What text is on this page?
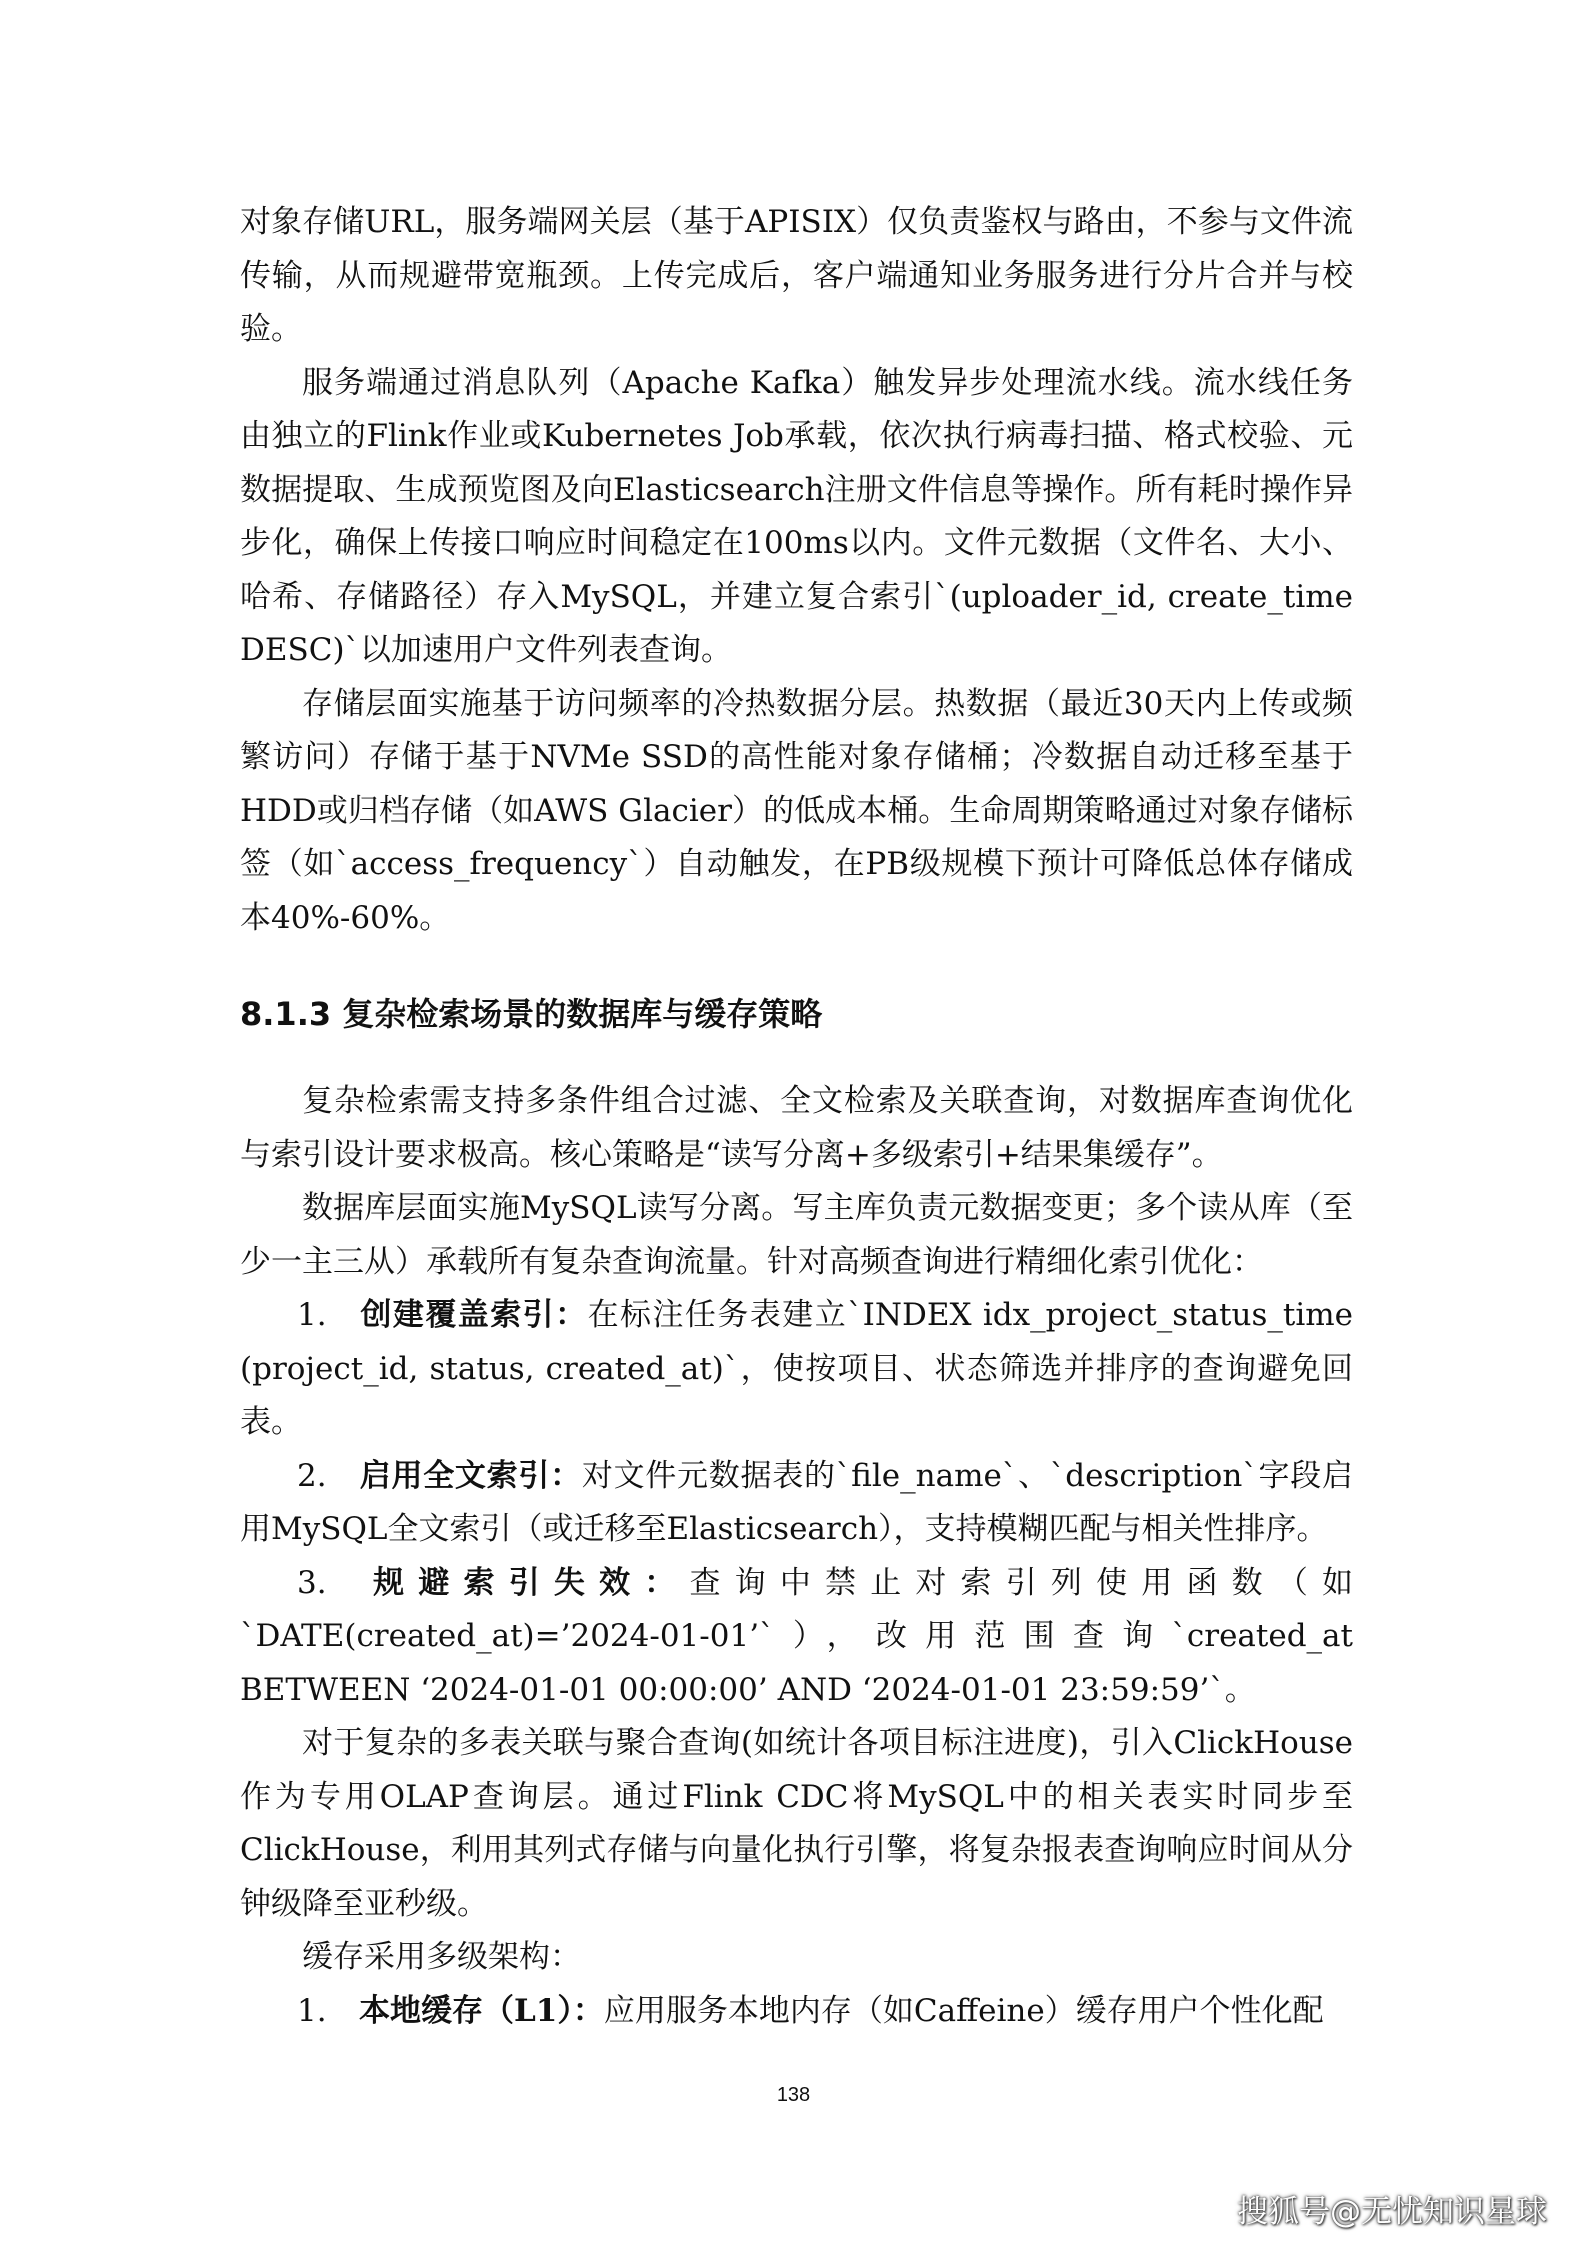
对象存储URL，服务端网关层（基于APISIX）仅负责鉴权与路由，不参与文件流传输，从而规避带宽瓶颈。上传完成后，客户端通知业务服务进行分片合并与校验。

服务端通过消息队列（Apache Kafka）触发异步处理流水线。流水线任务由独立的Flink作业或Kubernetes Job承载，依次执行病毒扫描、格式校验、元数据提取、生成预览图及向Elasticsearch注册文件信息等操作。所有耗时操作异步化，确保上传接口响应时间稳定在100ms以内。文件元数据（文件名、大小、哈希、存储路径）存入MySQL，并建立复合索引`(uploader_id, create_time DESC)`以加速用户文件列表查询。

存储层面实施基于访问频率的冷热数据分层。热数据（最近30天内上传或频繁访问）存储于基于NVMe SSD的高性能对象存储桶；冷数据自动迁移至基于HDD或归档存储（如AWS Glacier）的低成本桶。生命周期策略通过对象存储标签（如`access_frequency`）自动触发，在PB级规模下预计可降低总体存储成本40%-60%。

8.1.3 复杂检索场景的数据库与缓存策略

复杂检索需支持多条件组合过滤、全文检索及关联查询，对数据库查询优化与索引设计要求极高。核心策略是“读写分离+多级索引+结果集缓存”。

数据库层面实施MySQL读写分离。写主库负责元数据变更；多个读从库（至少一主三从）承载所有复杂查询流量。针对高频查询进行精细化索引优化：

1. 创建覆盖索引：在标注任务表建立`INDEX idx_project_status_time (project_id, status, created_at)`，使按项目、状态筛选并排序的查询避免回表。

2. 启用全文索引：对文件元数据表的`file_name`、`description`字段启用MySQL全文索引（或迁移至Elasticsearch），支持模糊匹配与相关性排序。

3. 规避索引失效：查询中禁止对索引列使用函数（如`DATE(created_at)=’2024-01-01’`），改用范围查询`created_at BETWEEN ‘2024-01-01 00:00:00’ AND ‘2024-01-01 23:59:59’`。

对于复杂的多表关联与聚合查询(如统计各项目标注进度)，引入ClickHouse作为专用OLAP查询层。通过Flink CDC将MySQL中的相关表实时同步至ClickHouse，利用其列式存储与向量化执行引擎，将复杂报表查询响应时间从分钟级降至亚秒级。

缓存采用多级架构：

1. 本地缓存（L1）：应用服务本地内存（如Caffeine）缓存用户个性化配

138
搜狐号@无忧知识星球
